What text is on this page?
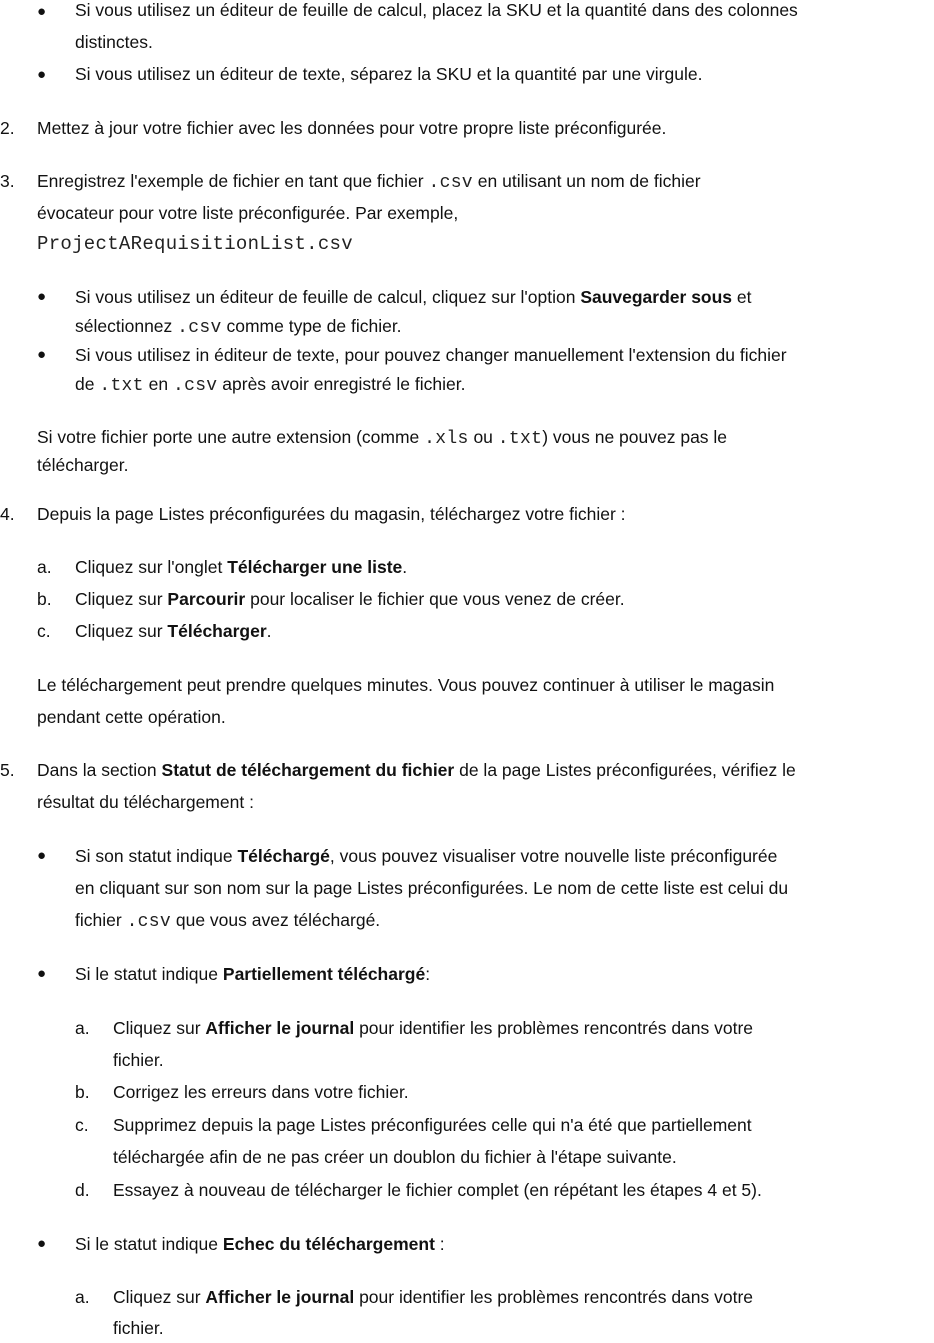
● Si vous utilisez un éditeur de feuille de calcul, placez la SKU et la quantité dans des colonnes
distinctes.
● Si vous utilisez un éditeur de texte, séparez la SKU et la quantité par une virgule.
2. Mettez à jour votre fichier avec les données pour votre propre liste préconfigurée.
3. Enregistrez l'exemple de fichier en tant que fichier .csv en utilisant un nom de fichier
évocateur pour votre liste préconfigurée. Par exemple,
ProjectARequisitionList.csv
● Si vous utilisez un éditeur de feuille de calcul, cliquez sur l'option Sauvegarder sous et
sélectionnez .csv comme type de fichier.
● Si vous utilisez in éditeur de texte, pour pouvez changer manuellement l'extension du fichier
de .txt en .csv après avoir enregistré le fichier.
Si votre fichier porte une autre extension (comme .xls ou .txt) vous ne pouvez pas le
télécharger.
4. Depuis la page Listes préconfigurées du magasin, téléchargez votre fichier :
a. Cliquez sur l'onglet Télécharger une liste.
b. Cliquez sur Parcourir pour localiser le fichier que vous venez de créer.
c. Cliquez sur Télécharger.
Le téléchargement peut prendre quelques minutes. Vous pouvez continuer à utiliser le magasin
pendant cette opération.
5. Dans la section Statut de téléchargement du fichier de la page Listes préconfigurées, vérifiez le
résultat du téléchargement :
● Si son statut indique Téléchargé, vous pouvez visualiser votre nouvelle liste préconfigurée
en cliquant sur son nom sur la page Listes préconfigurées. Le nom de cette liste est celui du
fichier .csv que vous avez téléchargé.
● Si le statut indique Partiellement téléchargé:
a. Cliquez sur Afficher le journal pour identifier les problèmes rencontrés dans votre
fichier.
b. Corrigez les erreurs dans votre fichier.
c. Supprimez depuis la page Listes préconfigurées celle qui n'a été que partiellement
téléchargée afin de ne pas créer un doublon du fichier à l'étape suivante.
d. Essayez à nouveau de télécharger le fichier complet (en répétant les étapes 4 et 5).
● Si le statut indique Echec du téléchargement :
a. Cliquez sur Afficher le journal pour identifier les problèmes rencontrés dans votre
fichier.
